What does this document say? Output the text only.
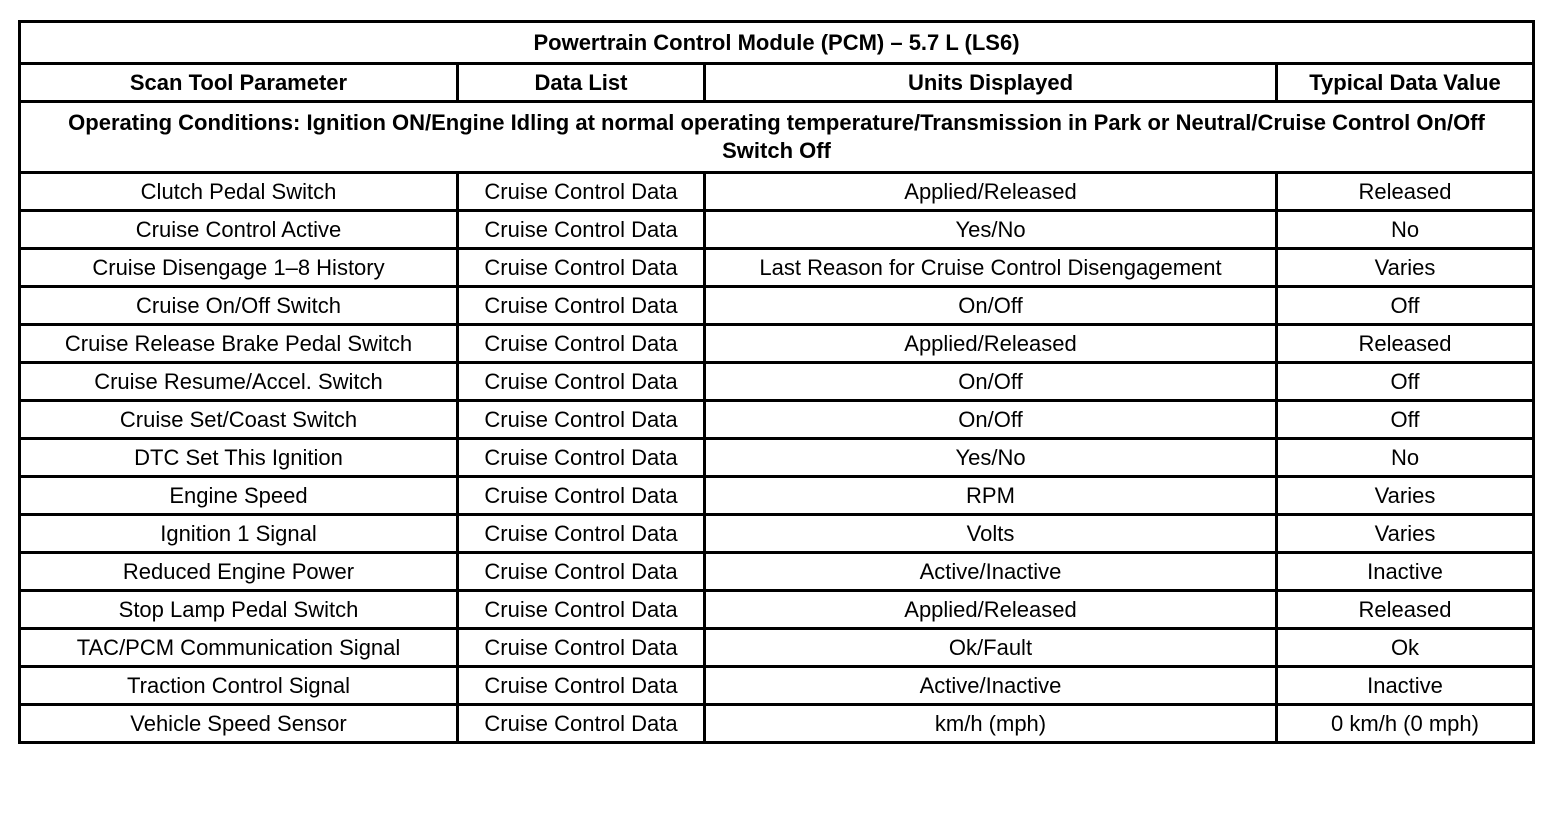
Powertrain Control Module (PCM) – 5.7 L (LS6)			
Scan Tool Parameter	Data List	Units Displayed	Typical Data Value
Operating Conditions: Ignition ON/Engine Idling at normal operating temperature/Transmission in Park or Neutral/Cruise Control On/Off Switch Off			
Clutch Pedal Switch	Cruise Control Data	Applied/Released	Released
Cruise Control Active	Cruise Control Data	Yes/No	No
Cruise Disengage 1–8 History	Cruise Control Data	Last Reason for Cruise Control Disengagement	Varies
Cruise On/Off Switch	Cruise Control Data	On/Off	Off
Cruise Release Brake Pedal Switch	Cruise Control Data	Applied/Released	Released
Cruise Resume/Accel. Switch	Cruise Control Data	On/Off	Off
Cruise Set/Coast Switch	Cruise Control Data	On/Off	Off
DTC Set This Ignition	Cruise Control Data	Yes/No	No
Engine Speed	Cruise Control Data	RPM	Varies
Ignition 1 Signal	Cruise Control Data	Volts	Varies
Reduced Engine Power	Cruise Control Data	Active/Inactive	Inactive
Stop Lamp Pedal Switch	Cruise Control Data	Applied/Released	Released
TAC/PCM Communication Signal	Cruise Control Data	Ok/Fault	Ok
Traction Control Signal	Cruise Control Data	Active/Inactive	Inactive
Vehicle Speed Sensor	Cruise Control Data	km/h (mph)	0 km/h (0 mph)
